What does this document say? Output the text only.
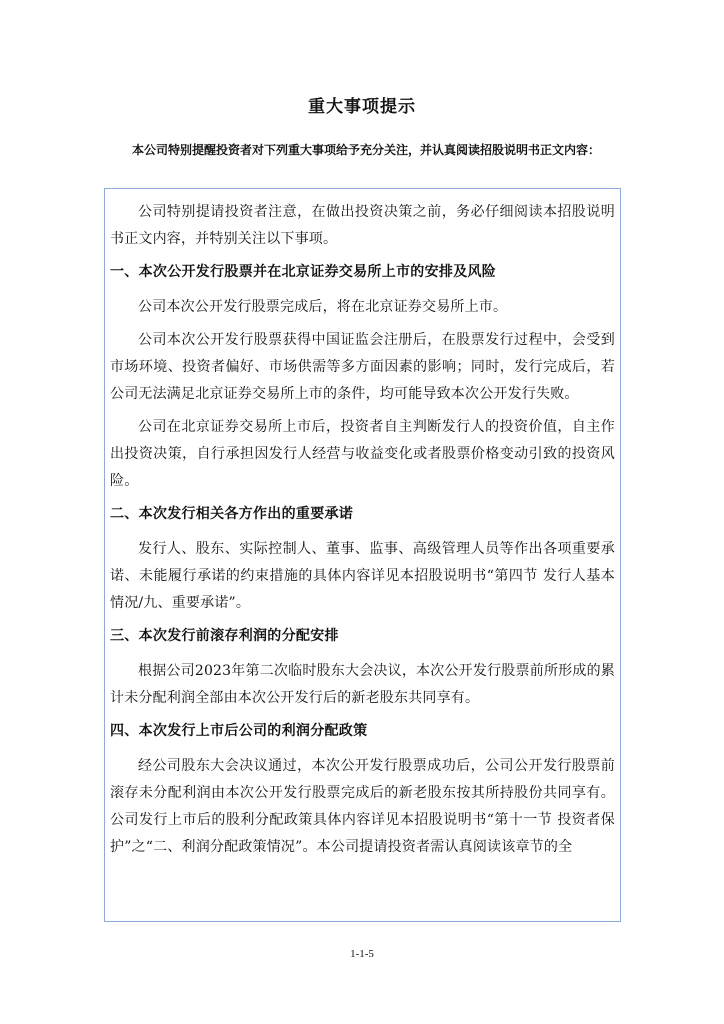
重大事项提示
本公司特别提醒投资者对下列重大事项给予充分关注，并认真阅读招股说明书正文内容：

公司特别提请投资者注意，在做出投资决策之前，务必仔细阅读本招股说明书正文内容，并特别关注以下事项。

一、本次公开发行股票并在北京证券交易所上市的安排及风险

公司本次公开发行股票完成后，将在北京证券交易所上市。

公司本次公开发行股票获得中国证监会注册后，在股票发行过程中，会受到市场环境、投资者偏好、市场供需等多方面因素的影响；同时，发行完成后，若公司无法满足北京证券交易所上市的条件，均可能导致本次公开发行失败。

公司在北京证券交易所上市后，投资者自主判断发行人的投资价值，自主作出投资决策，自行承担因发行人经营与收益变化或者股票价格变动引致的投资风险。

二、本次发行相关各方作出的重要承诺

发行人、股东、实际控制人、董事、监事、高级管理人员等作出各项重要承诺、未能履行承诺的约束措施的具体内容详见本招股说明书“第四节 发行人基本情况/九、重要承诺”。

三、本次发行前滚存利润的分配安排

根据公司2023年第二次临时股东大会决议，本次公开发行股票前所形成的累计未分配利润全部由本次公开发行后的新老股东共同享有。

四、本次发行上市后公司的利润分配政策

经公司股东大会决议通过，本次公开发行股票成功后，公司公开发行股票前滚存未分配利润由本次公开发行股票完成后的新老股东按其所持股份共同享有。公司发行上市后的股利分配政策具体内容详见本招股说明书“第十一节 投资者保护”之“二、利润分配政策情况”。本公司提请投资者需认真阅读该章节的全

1-1-5
